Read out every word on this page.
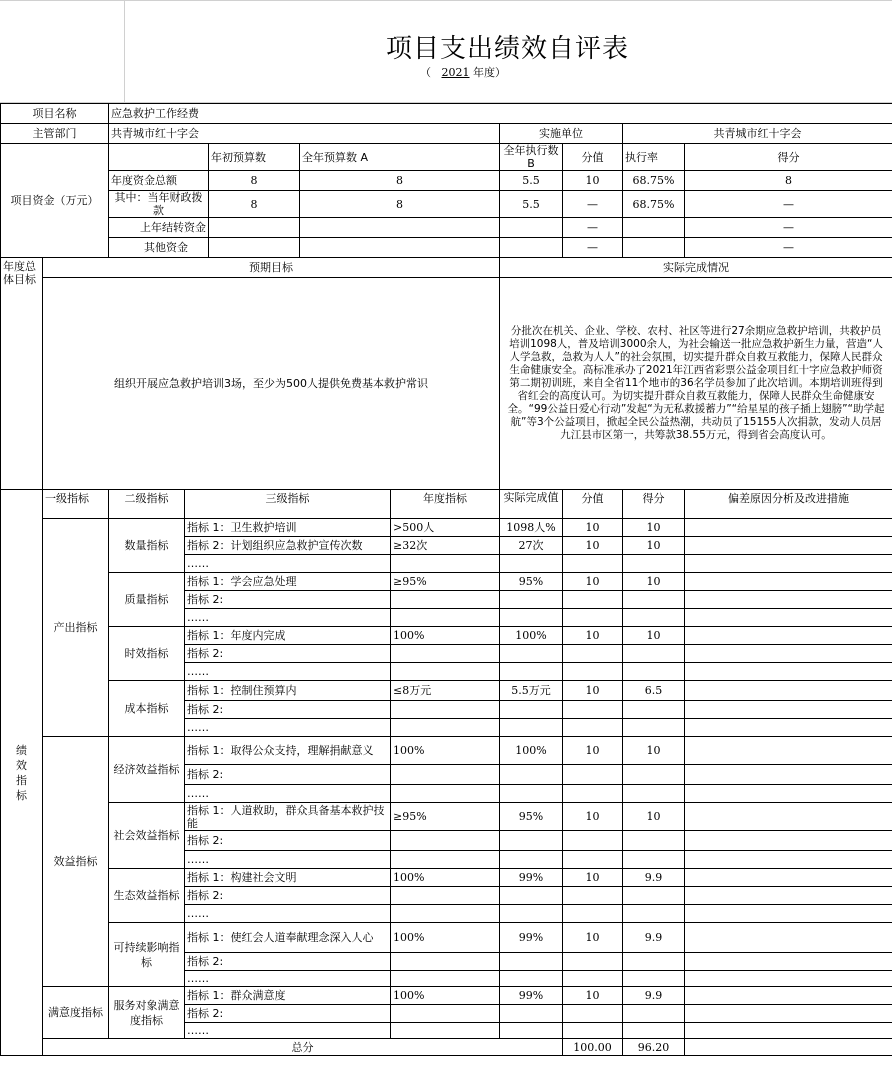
项目支出绩效自评表
（ 2021 年度）
项目名称		应急救护工作经费								
主管部门		共青城市红十字会					实施单位		共青城市红十字会	
项目资金（万元）				年初预算数	全年预算数 A		全年执行数 B	分值	执行率	得分
		年度资金总额		8	8		5.5	10	68.75%	8
		其中：当年财政拨款		8	8		5.5	—	68.75%	—
		上年结转资金						—		—
		其他资金						—		—
年度总体目标	预期目标						实际完成情况			
	组织开展应急救护培训3场，至少为500人提供免费基本救护常识						分批次在机关、企业、学校、农村、社区等进行27余期应急救护培训，共救护员培训1098人，普及培训3000余人，为社会输送一批应急救护新生力量，营造“人人学急救，急救为人人”的社会氛围，切实提升群众自救互救能力，保障人民群众生命健康安全。高标准承办了2021年江西省彩票公益金项目红十字应急救护师资第二期初训班，来自全省11个地市的36名学员参加了此次培训。本期培训班得到省红会的高度认可。为切实提升群众自救互救能力，保障人民群众生命健康安全。“99公益日爱心行动”发起“为无私救援蓄力”“给星星的孩子插上翅膀”“助学起航”等3个公益项目，掀起全民公益热潮，共动员了15155人次捐款，发动人员居九江县市区第一，共筹款38.55万元，得到省会高度认可。			

绩效指标	一级指标	二级指标	三级指标			年度指标	实际完成值	分值	得分	偏差原因分析及改进措施
	产出指标	数量指标	指标 1：卫生救护培训			>500人	1098人%	10	10	
			指标 2：计划组织应急救护宣传次数			≥32次	27次	10	10	
			……							
		质量指标	指标 1：学会应急处理			≥95%	95%	10	10	
			指标 2:							
			……							
		时效指标	指标 1：年度内完成			100%	100%	10	10	
			指标 2:							
			……							
		成本指标	指标 1：控制住预算内			≤8万元	5.5万元	10	6.5	
			指标 2:							
			……							
	效益指标	经济效益指标	指标 1：取得公众支持，理解捐献意义			100%	100%	10	10	
			指标 2:							
			……							
		社会效益指标	指标 1：人道救助，群众具备基本救护技能			≥95%	95%	10	10	
			指标 2:							
			……							
		生态效益指标	指标 1：构建社会文明			100%	99%	10	9.9	
			指标 2:							
			……							
		可持续影响指标	指标 1：使红会人道奉献理念深入人心			100%	99%	10	9.9	
			指标 2:							
			……							
	满意度指标	服务对象满意度指标	指标 1：群众满意度			100%	99%	10	9.9	
			指标 2:							
			……							
	总分							100.00	96.20	
